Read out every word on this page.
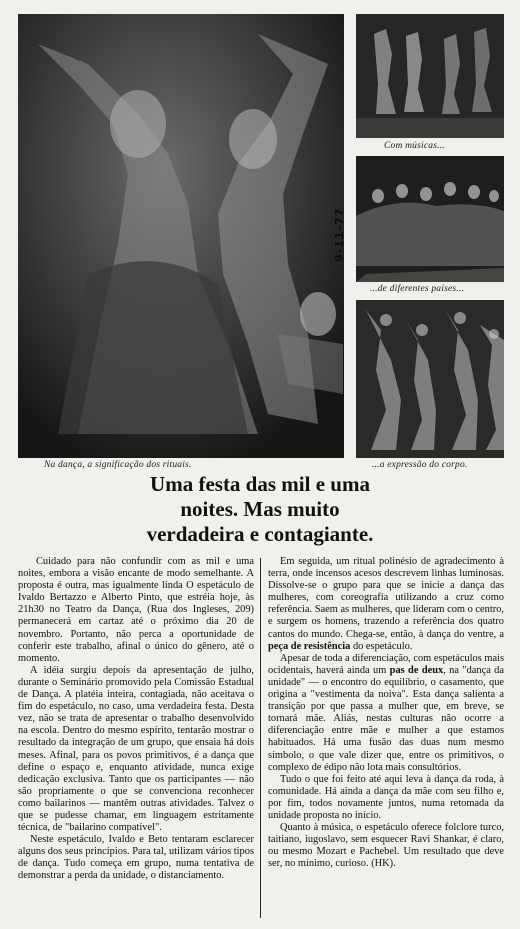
Na dança, a significação dos rituais.
Com músicas...
...de diferentes países...
...a expressão do corpo.
9-11-77
Uma festa das mil e uma
noites. Mas muito
verdadeira e contagiante.

Cuidado para não confundir com as mil e uma noites, embora a visão encante de modo semelhante. A proposta é outra, mas igualmente linda O espetáculo de Ivaldo Bertazzo e Alberto Pinto, que estréia hoje, às 21h30 no Teatro da Dança, (Rua dos Ingleses, 209) permanecerá em cartaz até o próximo dia 20 de novembro. Portanto, não perca a oportunidade de conferir este trabalho, afinal o único do gênero, até o momento.

A idéia surgiu depois da apresentação de julho, durante o Seminário promovido pela Comissão Estadual de Dança. A platéia inteira, contagiada, não aceitava o fim do espetáculo, no caso, uma verdadeira festa. Desta vez, não se trata de apresentar o trabalho desenvolvido na escola. Dentro do mesmo espírito, tentarão mostrar o resultado da integração de um grupo, que ensaia há dois meses. Afinal, para os povos primitivos, é a dança que define o espaço e, enquanto atividade, nunca exige dedicação exclusiva. Tanto que os participantes — não são propriamente o que se convenciona reconhecer como bailarinos — mantêm outras atividades. Talvez o que se pudesse chamar, em linguagem estritamente técnica, de "bailarino compatível".

Neste espetáculo, Ivaldo e Beto tentaram esclarecer alguns dos seus princípios. Para tal, utilizam vários tipos de dança. Tudo começa em grupo, numa tentativa de demonstrar a perda da unidade, o distanciamento.

Em seguida, um ritual polinésio de agradecimento à terra, onde incensos acesos descrevem linhas luminosas. Dissolve-se o grupo para que se inicie a dança das mulheres, com coreografia utilizando a cruz como referência. Saem as mulheres, que lideram com o centro, e surgem os homens, trazendo a referência dos quatro cantos do mundo. Chega-se, então, à dança do ventre, a peça de resistência do espetáculo.

Apesar de toda a diferenciação, com espetáculos mais ocidentais, haverá ainda um pas de deux, na "dança da unidade" — o encontro do equilíbrio, o casamento, que origina a "vestimenta da noiva". Esta dança salienta a transição por que passa a mulher que, em breve, se tornará mãe. Aliás, nestas culturas não ocorre a diferenciação entre mãe e mulher a que estamos habituados. Há uma fusão das duas num mesmo símbolo, o que vale dizer que, entre os primitivos, o complexo de édipo não lota mais consultórios.

Tudo o que foi feito até aqui leva à dança da roda, à comunidade. Há ainda a dança da mãe com seu filho e, por fim, todos novamente juntos, numa retomada da unidade proposta no início.

Quanto à música, o espetáculo oferece folclore turco, taitiano, iugoslavo, sem esquecer Ravi Shankar, é claro, ou mesmo Mozart e Pachebel. Um resultado que deve ser, no mínimo, curioso. (HK).
